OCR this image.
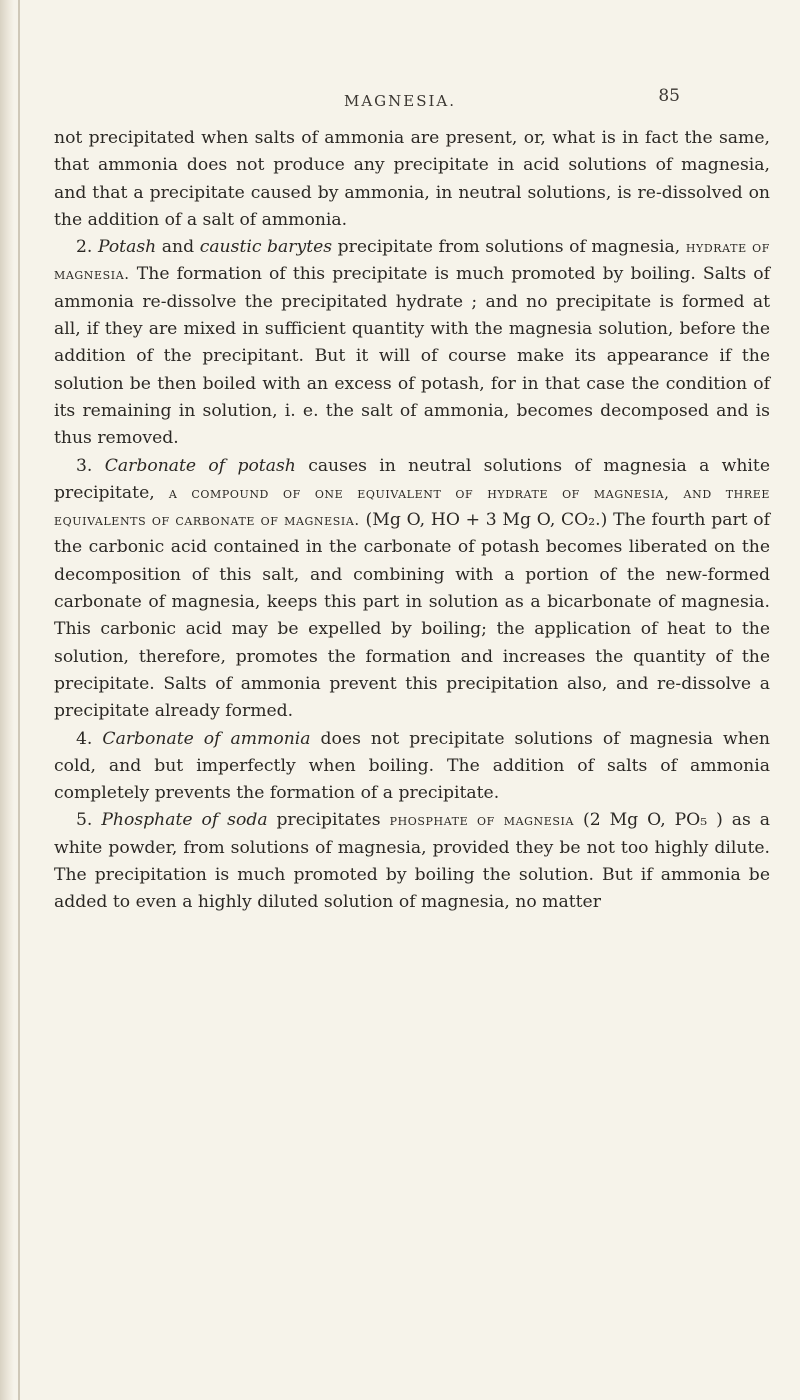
MAGNESIA.	85

not precipitated when salts of ammonia are present, or, what is in fact the same, that ammonia does not produce any precipitate in acid solutions of magnesia, and that a precipitate caused by ammonia, in neutral solutions, is re-dissolved on the addition of a salt of ammonia.

2. Potash and caustic barytes precipitate from solutions of magnesia, hydrate of magnesia. The formation of this precipitate is much promoted by boiling. Salts of ammonia re-dissolve the precipitated hydrate ; and no precipitate is formed at all, if they are mixed in sufficient quantity with the magnesia solution, before the addition of the precipitant. But it will of course make its appearance if the solution be then boiled with an excess of potash, for in that case the condition of its remaining in solution, i. e. the salt of ammonia, becomes decomposed and is thus removed.

3. Carbonate of potash causes in neutral solutions of magnesia a white precipitate, a compound of one equivalent of hydrate of magnesia, and three equivalents of carbonate of magnesia. (Mg O, HO + 3 Mg O, CO₂.) The fourth part of the carbonic acid contained in the carbonate of potash becomes liberated on the decomposition of this salt, and combining with a portion of the new-formed carbonate of magnesia, keeps this part in solution as a bicarbonate of magnesia. This carbonic acid may be expelled by boiling; the application of heat to the solution, therefore, promotes the formation and increases the quantity of the precipitate. Salts of ammonia prevent this precipitation also, and re-dissolve a precipitate already formed.

4. Carbonate of ammonia does not precipitate solutions of magnesia when cold, and but imperfectly when boiling. The addition of salts of ammonia completely prevents the formation of a precipitate.

5. Phosphate of soda precipitates phosphate of magnesia (2 Mg O, PO₅ ) as a white powder, from solutions of magnesia, provided they be not too highly dilute. The precipitation is much promoted by boiling the solution. But if ammonia be added to even a highly diluted solution of magnesia, no matter
